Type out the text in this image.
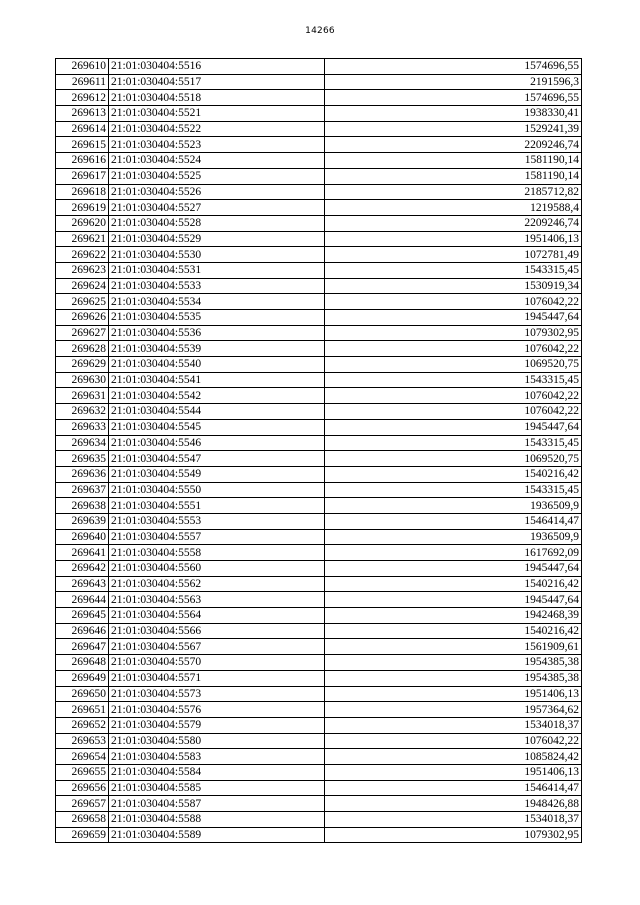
14266
269610	21:01:030404:5516	1574696,55
269611	21:01:030404:5517	2191596,3
269612	21:01:030404:5518	1574696,55
269613	21:01:030404:5521	1938330,41
269614	21:01:030404:5522	1529241,39
269615	21:01:030404:5523	2209246,74
269616	21:01:030404:5524	1581190,14
269617	21:01:030404:5525	1581190,14
269618	21:01:030404:5526	2185712,82
269619	21:01:030404:5527	1219588,4
269620	21:01:030404:5528	2209246,74
269621	21:01:030404:5529	1951406,13
269622	21:01:030404:5530	1072781,49
269623	21:01:030404:5531	1543315,45
269624	21:01:030404:5533	1530919,34
269625	21:01:030404:5534	1076042,22
269626	21:01:030404:5535	1945447,64
269627	21:01:030404:5536	1079302,95
269628	21:01:030404:5539	1076042,22
269629	21:01:030404:5540	1069520,75
269630	21:01:030404:5541	1543315,45
269631	21:01:030404:5542	1076042,22
269632	21:01:030404:5544	1076042,22
269633	21:01:030404:5545	1945447,64
269634	21:01:030404:5546	1543315,45
269635	21:01:030404:5547	1069520,75
269636	21:01:030404:5549	1540216,42
269637	21:01:030404:5550	1543315,45
269638	21:01:030404:5551	1936509,9
269639	21:01:030404:5553	1546414,47
269640	21:01:030404:5557	1936509,9
269641	21:01:030404:5558	1617692,09
269642	21:01:030404:5560	1945447,64
269643	21:01:030404:5562	1540216,42
269644	21:01:030404:5563	1945447,64
269645	21:01:030404:5564	1942468,39
269646	21:01:030404:5566	1540216,42
269647	21:01:030404:5567	1561909,61
269648	21:01:030404:5570	1954385,38
269649	21:01:030404:5571	1954385,38
269650	21:01:030404:5573	1951406,13
269651	21:01:030404:5576	1957364,62
269652	21:01:030404:5579	1534018,37
269653	21:01:030404:5580	1076042,22
269654	21:01:030404:5583	1085824,42
269655	21:01:030404:5584	1951406,13
269656	21:01:030404:5585	1546414,47
269657	21:01:030404:5587	1948426,88
269658	21:01:030404:5588	1534018,37
269659	21:01:030404:5589	1079302,95
